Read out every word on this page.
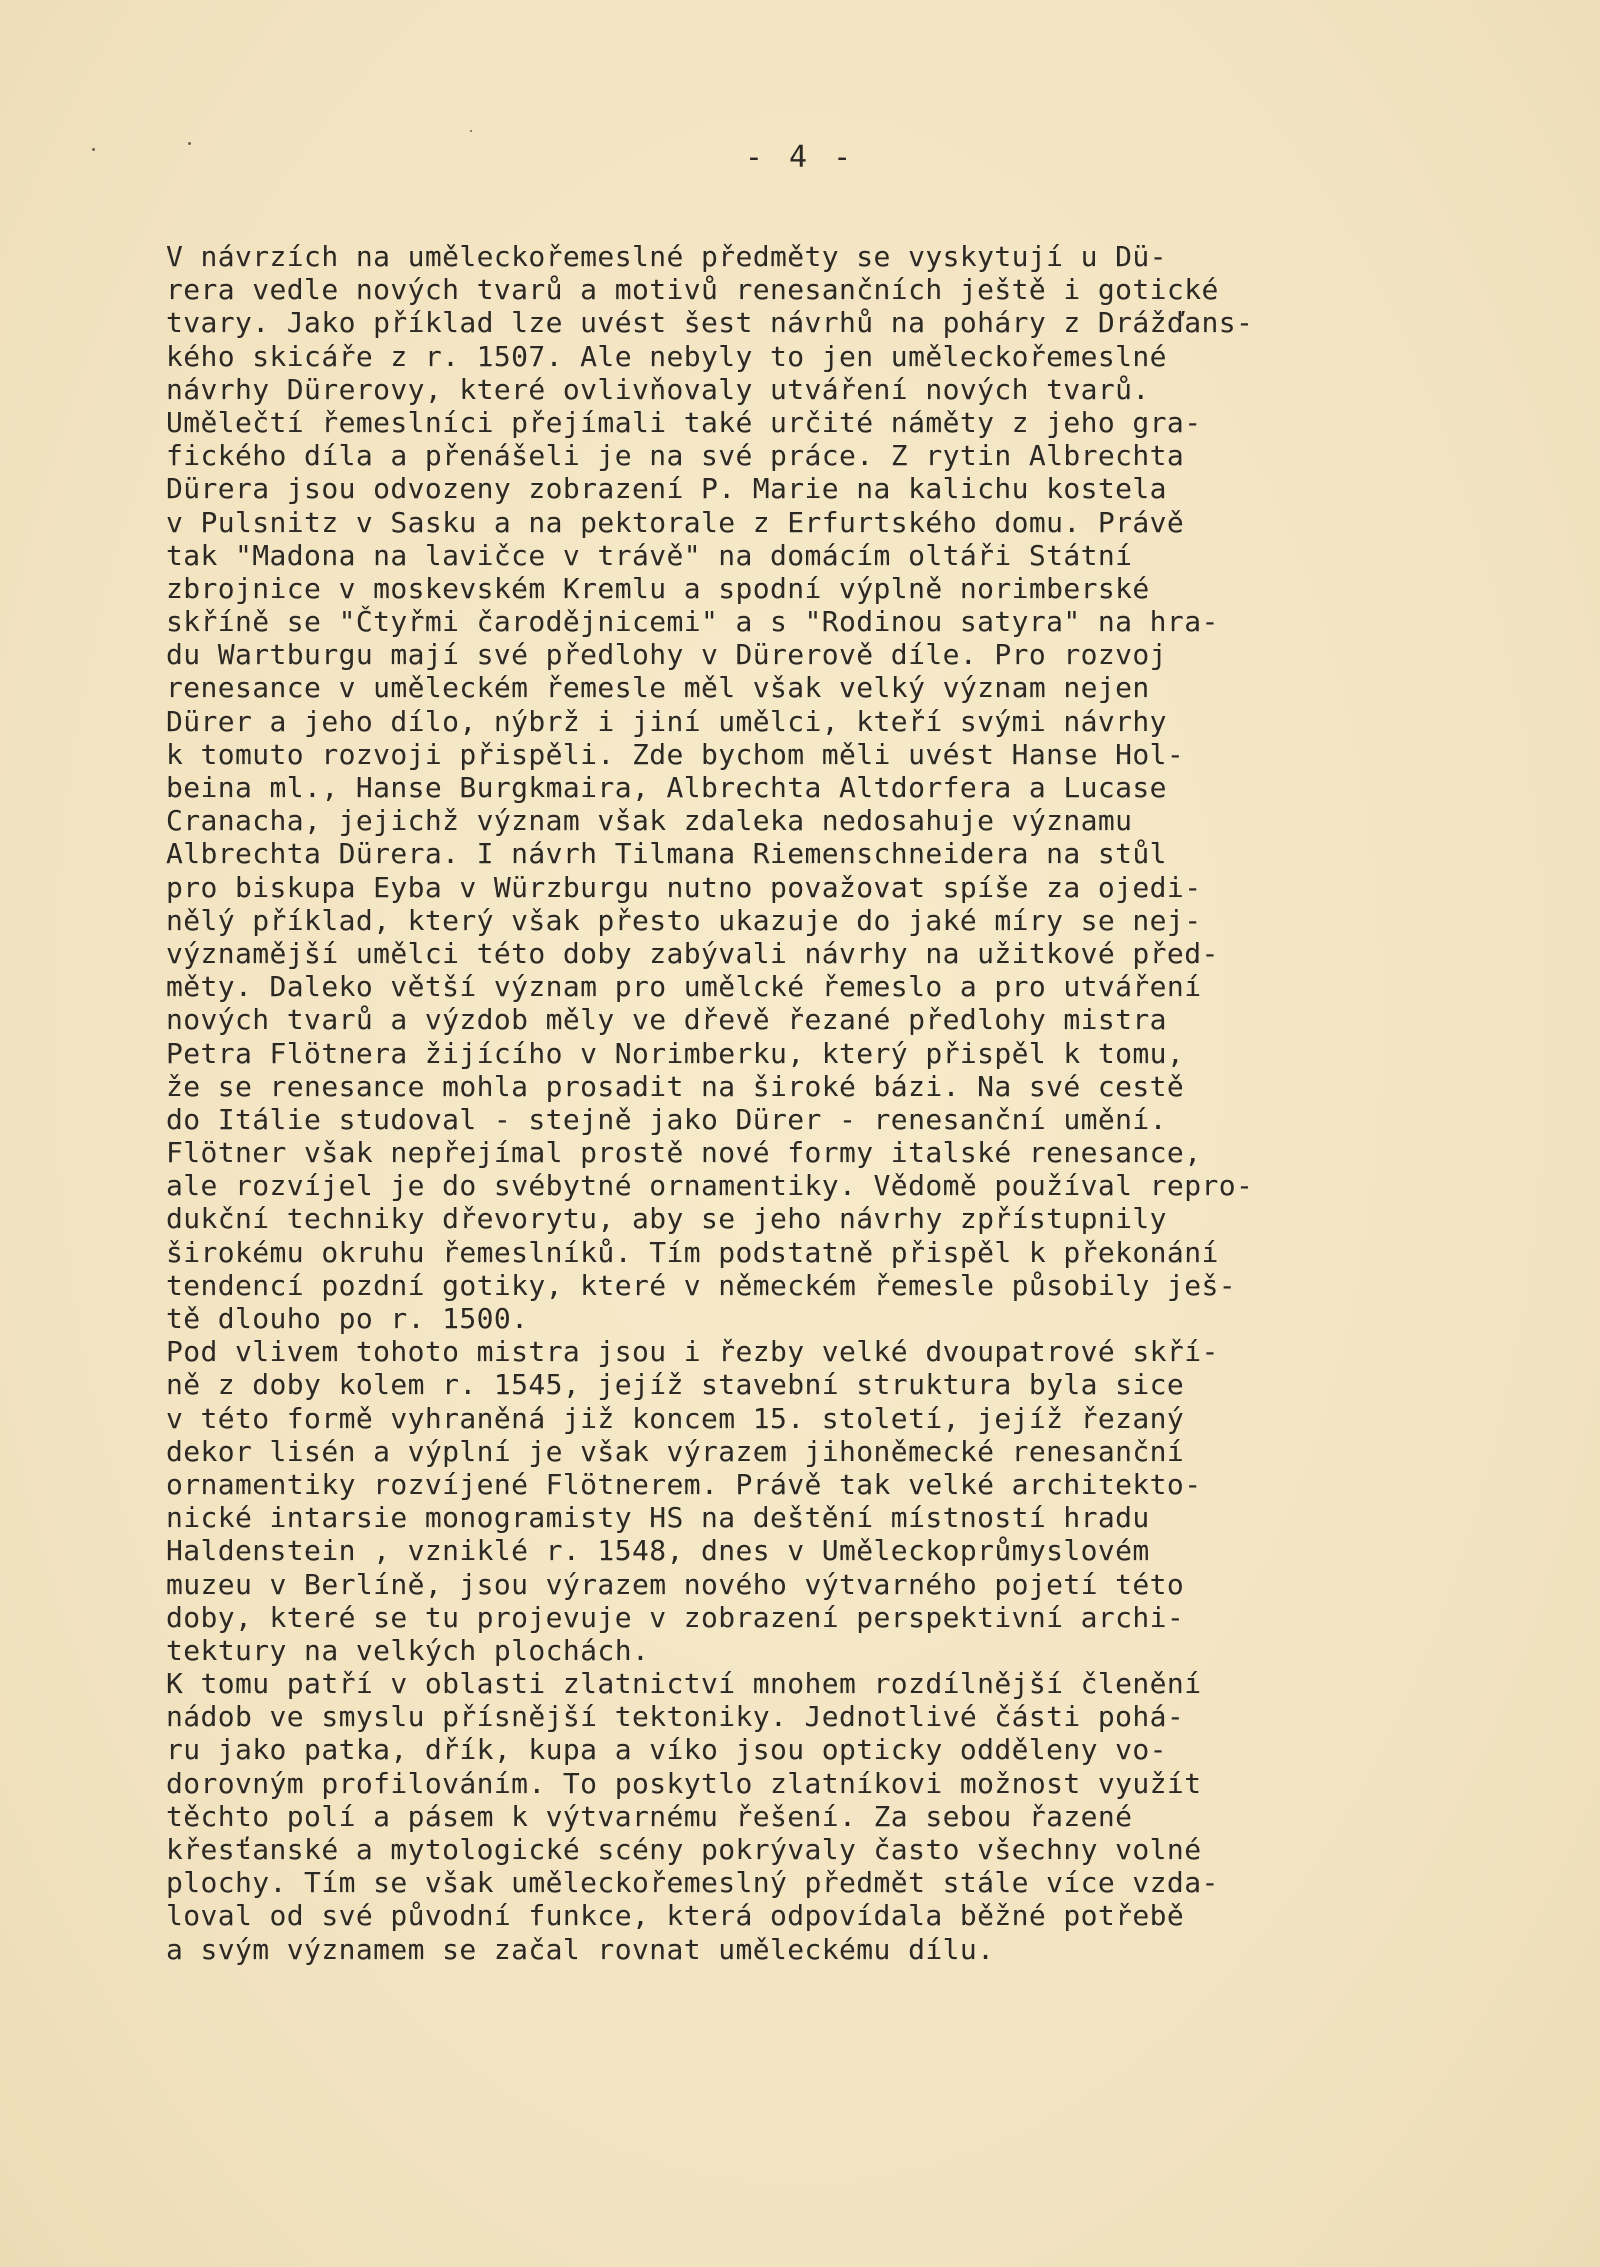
- 4 -
V návrzích na uměleckořemeslné předměty se vyskytují u Dü-
rera vedle nových tvarů a motivů renesančních ještě i gotické
tvary. Jako příklad lze uvést šest návrhů na poháry z Drážďans-
kého skicáře z r. 1507. Ale nebyly to jen uměleckořemeslné
návrhy Dürerovy, které ovlivňovaly utváření nových tvarů.
Umělečtí řemeslníci přejímali také určité náměty z jeho gra-
fického díla a přenášeli je na své práce. Z rytin Albrechta
Dürera jsou odvozeny zobrazení P. Marie na kalichu kostela
v Pulsnitz v Sasku a na pektorale z Erfurtského domu. Právě
tak "Madona na lavičce v trávě" na domácím oltáři Státní
zbrojnice v moskevském Kremlu a spodní výplně norimberské
skříně se "Čtyřmi čarodějnicemi" a s "Rodinou satyra" na hra-
du Wartburgu mají své předlohy v Dürerově díle. Pro rozvoj
renesance v uměleckém řemesle měl však velký význam nejen
Dürer a jeho dílo, nýbrž i jiní umělci, kteří svými návrhy
k tomuto rozvoji přispěli. Zde bychom měli uvést Hanse Hol-
beina ml., Hanse Burgkmaira, Albrechta Altdorfera a Lucase
Cranacha, jejichž význam však zdaleka nedosahuje významu
Albrechta Dürera. I návrh Tilmana Riemenschneidera na stůl
pro biskupa Eyba v Würzburgu nutno považovat spíše za ojedi-
nělý příklad, který však přesto ukazuje do jaké míry se nej-
významější umělci této doby zabývali návrhy na užitkové před-
měty. Daleko větší význam pro umělcké řemeslo a pro utváření
nových tvarů a výzdob měly ve dřevě řezané předlohy mistra
Petra Flötnera žijícího v Norimberku, který přispěl k tomu,
že se renesance mohla prosadit na široké bázi. Na své cestě
do Itálie studoval - stejně jako Dürer - renesanční umění.
Flötner však nepřejímal prostě nové formy italské renesance,
ale rozvíjel je do svébytné ornamentiky. Vědomě používal repro-
dukční techniky dřevorytu, aby se jeho návrhy zpřístupnily
širokému okruhu řemeslníků. Tím podstatně přispěl k překonání
tendencí pozdní gotiky, které v německém řemesle působily ješ-
tě dlouho po r. 1500.
Pod vlivem tohoto mistra jsou i řezby velké dvoupatrové skří-
ně z doby kolem r. 1545, jejíž stavební struktura byla sice
v této formě vyhraněná již koncem 15. století, jejíž řezaný
dekor lisén a výplní je však výrazem jihoněmecké renesanční
ornamentiky rozvíjené Flötnerem. Právě tak velké architekto-
nické intarsie monogramisty HS na deštění místností hradu
Haldenstein , vzniklé r. 1548, dnes v Uměleckoprůmyslovém
muzeu v Berlíně, jsou výrazem nového výtvarného pojetí této
doby, které se tu projevuje v zobrazení perspektivní archi-
tektury na velkých plochách.
K tomu patří v oblasti zlatnictví mnohem rozdílnější členění
nádob ve smyslu přísnější tektoniky. Jednotlivé části pohá-
ru jako patka, dřík, kupa a víko jsou opticky odděleny vo-
dorovným profilováním. To poskytlo zlatníkovi možnost využít
těchto polí a pásem k výtvarnému řešení. Za sebou řazené
křesťanské a mytologické scény pokrývaly často všechny volné
plochy. Tím se však uměleckořemeslný předmět stále více vzda-
loval od své původní funkce, která odpovídala běžné potřebě
a svým významem se začal rovnat uměleckému dílu.
